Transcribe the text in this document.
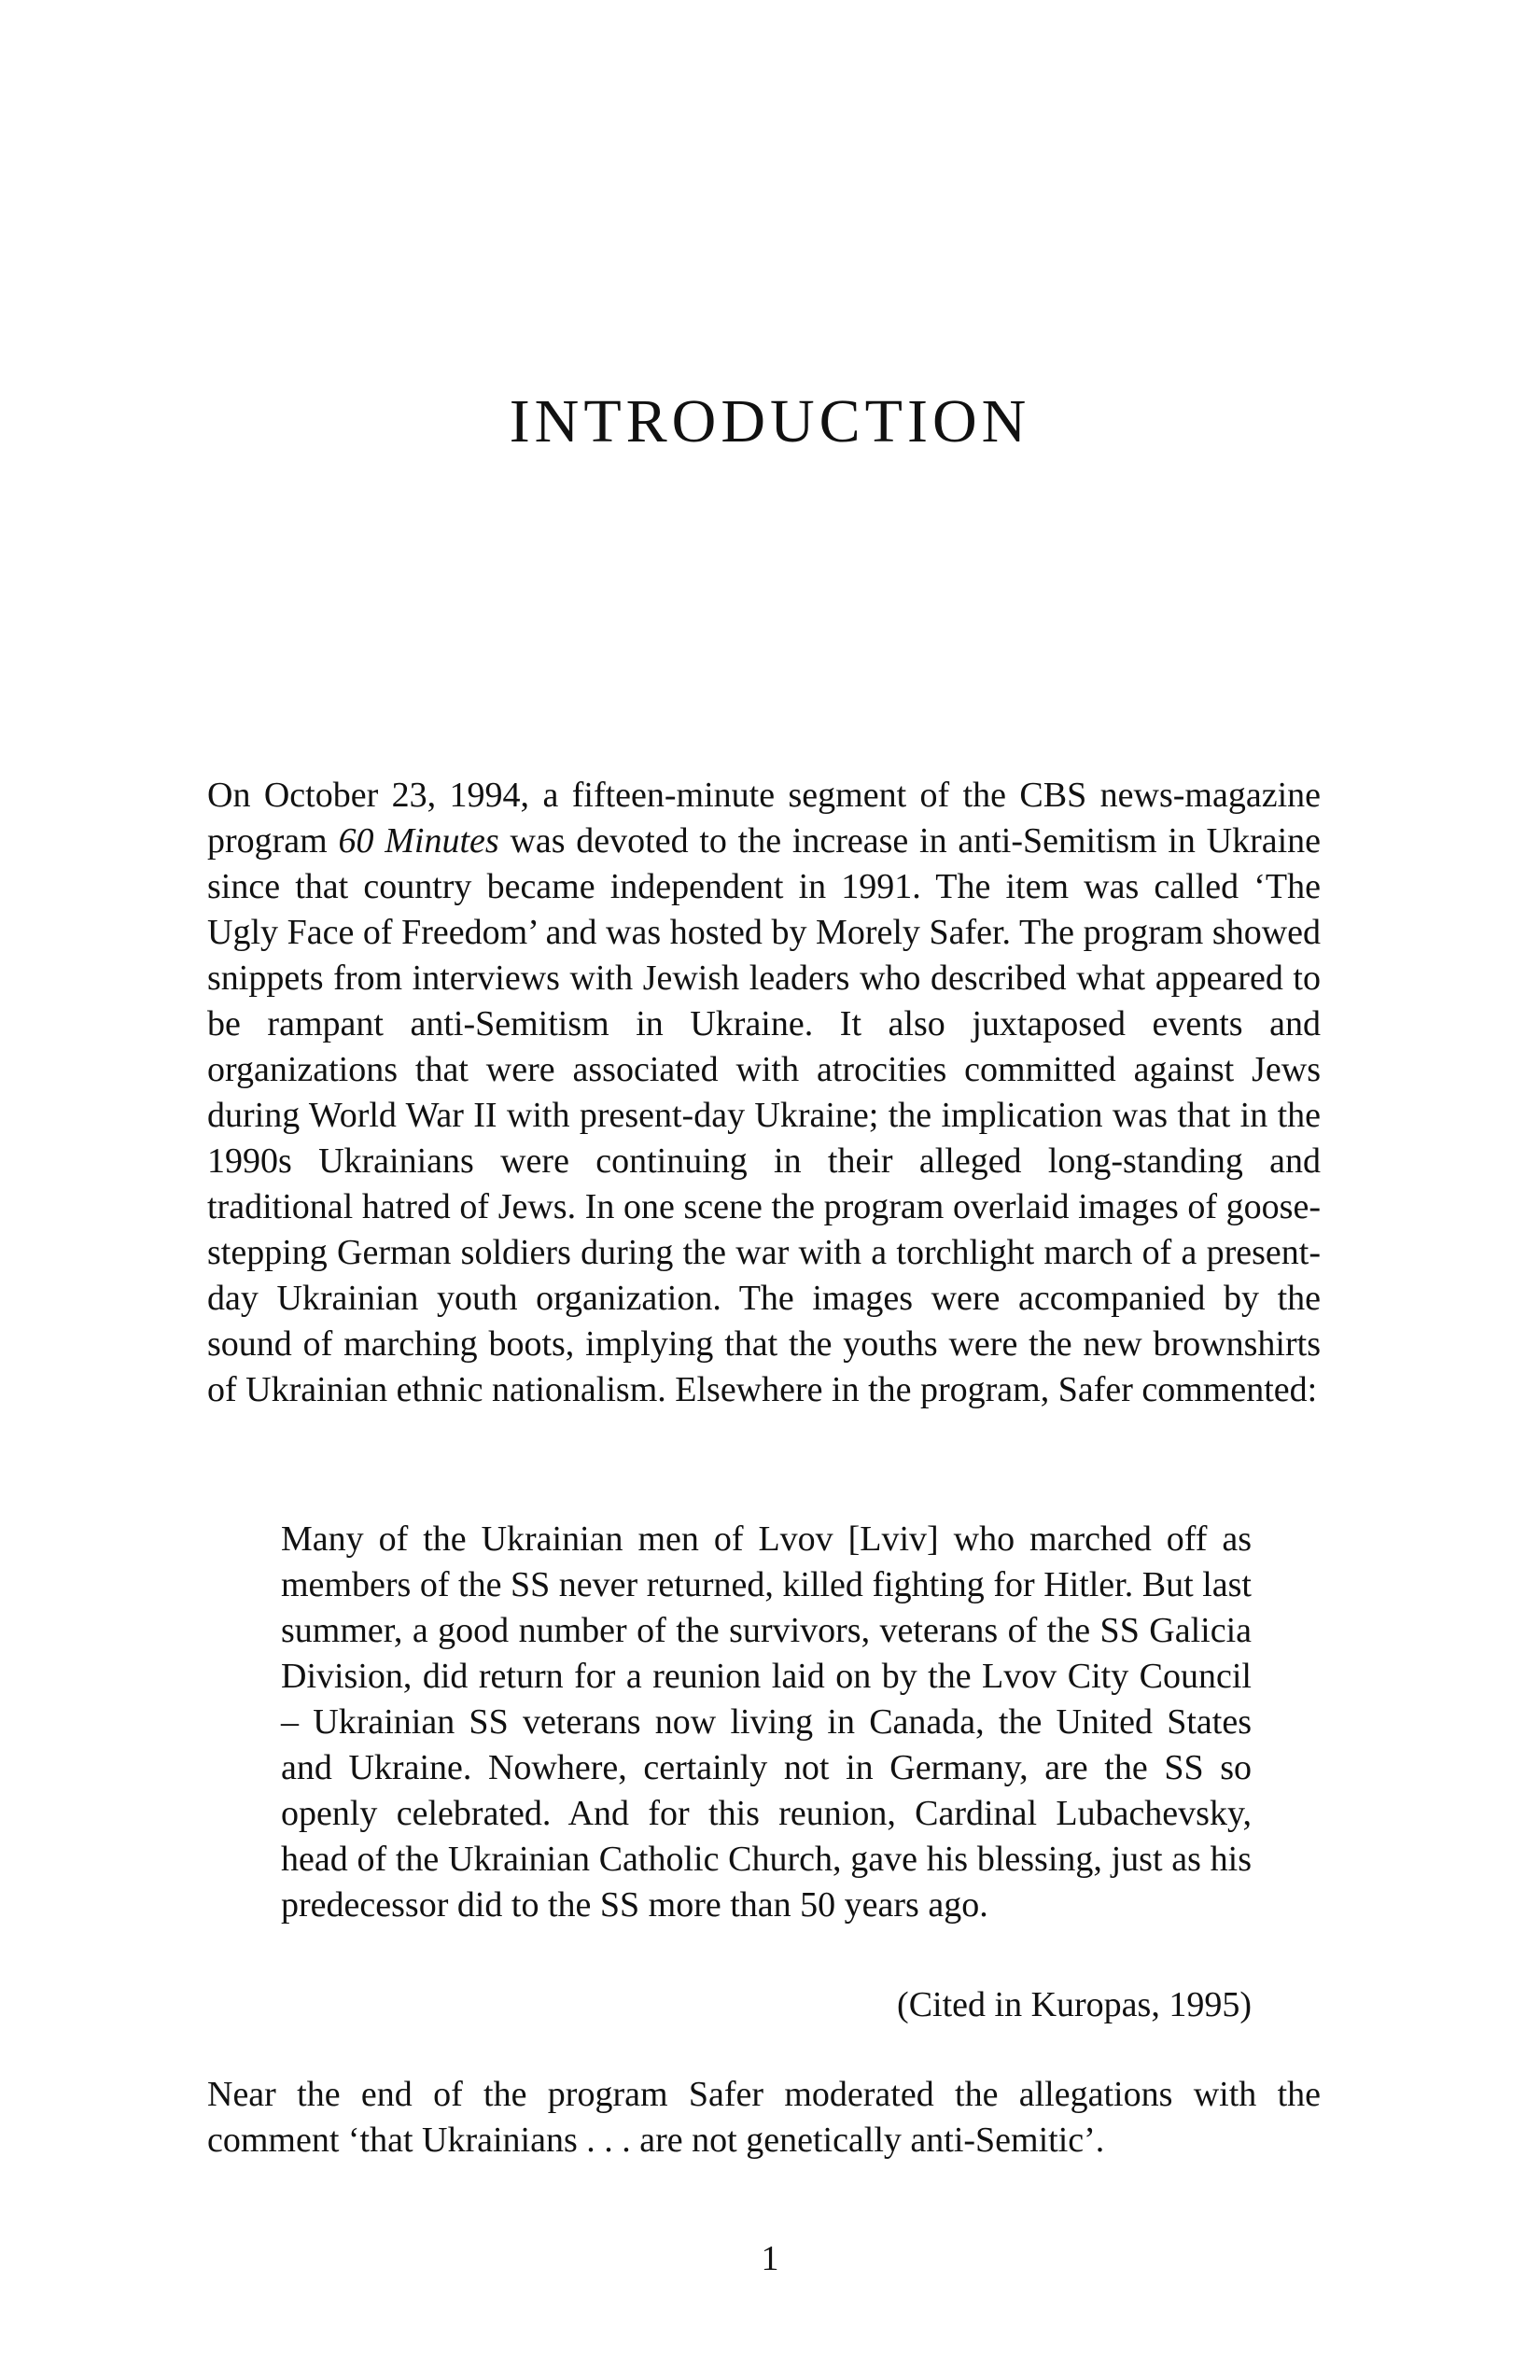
INTRODUCTION

On October 23, 1994, a fifteen-minute segment of the CBS news-magazine program 60 Minutes was devoted to the increase in anti-Semitism in Ukraine since that country became independent in 1991. The item was called ‘The Ugly Face of Freedom’ and was hosted by Morely Safer. The program showed snippets from interviews with Jewish leaders who described what appeared to be rampant anti-Semitism in Ukraine. It also juxtaposed events and organizations that were associated with atrocities committed against Jews during World War II with present-day Ukraine; the implication was that in the 1990s Ukrainians were continuing in their alleged long-standing and traditional hatred of Jews. In one scene the program overlaid images of goose-stepping German soldiers during the war with a torchlight march of a present-day Ukrainian youth organization. The images were accompanied by the sound of marching boots, implying that the youths were the new brownshirts of Ukrainian ethnic nationalism. Elsewhere in the program, Safer commented:

Many of the Ukrainian men of Lvov [Lviv] who marched off as members of the SS never returned, killed fighting for Hitler. But last summer, a good number of the survivors, veterans of the SS Galicia Division, did return for a reunion laid on by the Lvov City Council – Ukrainian SS veterans now living in Canada, the United States and Ukraine. Nowhere, certainly not in Germany, are the SS so openly celebrated. And for this reunion, Cardinal Lubachevsky, head of the Ukrainian Catholic Church, gave his blessing, just as his predecessor did to the SS more than 50 years ago.

(Cited in Kuropas, 1995)

Near the end of the program Safer moderated the allegations with the comment ‘that Ukrainians . . . are not genetically anti-Semitic’.

1
